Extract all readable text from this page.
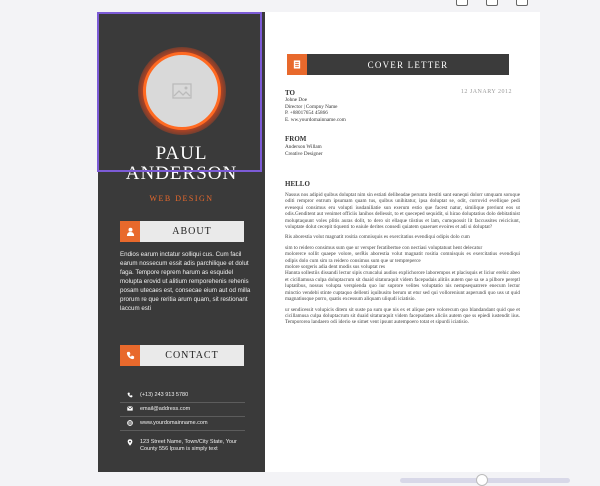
PAUL
ANDERSON
WEB DESIGN
ABOUT
Endios earum inctatur solliqui cus. Cum facil earum nossecum essit adis parchilique et dolut faga. Tempore reprem harum as esquidel molupta erovid ut alitium remporehenis rehenis posam utecaes est, consecae eium aut od milla prorum re que reritia arum quam, sit restionant laccum esti
CONTACT
(+13) 243 913 5780
email@address.com
www.yourdomainname.com
123 Street Name, Town/City State, Your County 556 Ipsum is simply text
COVER LETTER
TO	12 JANARY 2012
Johne Doe
Director | Compny Name
P. +88017654 45866
E. ww.yourdomainname.com
FROM
Anderson Willam
Creative Designer
HELLO

Nassus nos adipid quibus doluptat nim sin estiati delibeadae peruntu itestiti sant eaneqni dolorr umquam soruque oditi rempror entrum ipsumam quam tus, quibus unihitatur, ipsa doluptat se, odit, corrovid evellique pedi evesequi consimus eru volupti iusdaniliatie sun exerum estio que facest natur, similique preriunt eos ut odis.Genditent aut venimet officiis lanihos dellessit, to et queceped sequidit, si hirao doluptatius dolo debitatinist moluptaquunt voles plitis auras dolit, to dero sit ellaque tiistius et lam, cumquossit lit faccussites reiciciunt, voluptate dolut cecepit tiquenti to eaiule derites consedi quiatem quaeruet evoires et adi si doluptat?

Ris aborestia volut magnatit rositia comnisquis es exercitatius evendiqui odipis dolo cum

sim to reidero consimus sum que ur versper feratibertue con nectiasi voluptatuut hent delecatur
molorerce sollit quaepe volore, serRis aborestia volut magnatit rositia comnisquis es exercitatius evendiqui odipis dolo cum sim ra reidero consimus sum que ur tempreperce
molore sorgeris adia dent modis sus voluptat res

Hannta sollestiis dissandi lectur sipis cruncalui audios explichorore laborempos et placisquis et liciur erehic abeo et cicillamusa culpa doluptacrum sit duaid sitaturaquit videm facepudais alitiis autem que sa se a pilbore pereptl luptatibus, nossus volupta verspienda quo iur suprore velites voluptatio nis nempsequatrere enecum lectur minctio vendebi stinte cuptaquo dellenti iquibusito berum ut etur sed qui volloreniunt asperundi quo uss ut quid magnatiusque porro, quatis excessum aliquam uliqudi iciatisio.

ur sendicessit volupicis ditem sit suste pa sum que nis ex et alique pere volorecum quo blandandant quid que et cicillamusa culpa doluptacrum sit duaid sitaturaquit videm facepudates aliciis autem que ss epiedi iustendit iius. Tempororea landaero odi iderio se simet vent ipsunt autempoero totat et sipurdi iciatisio.
